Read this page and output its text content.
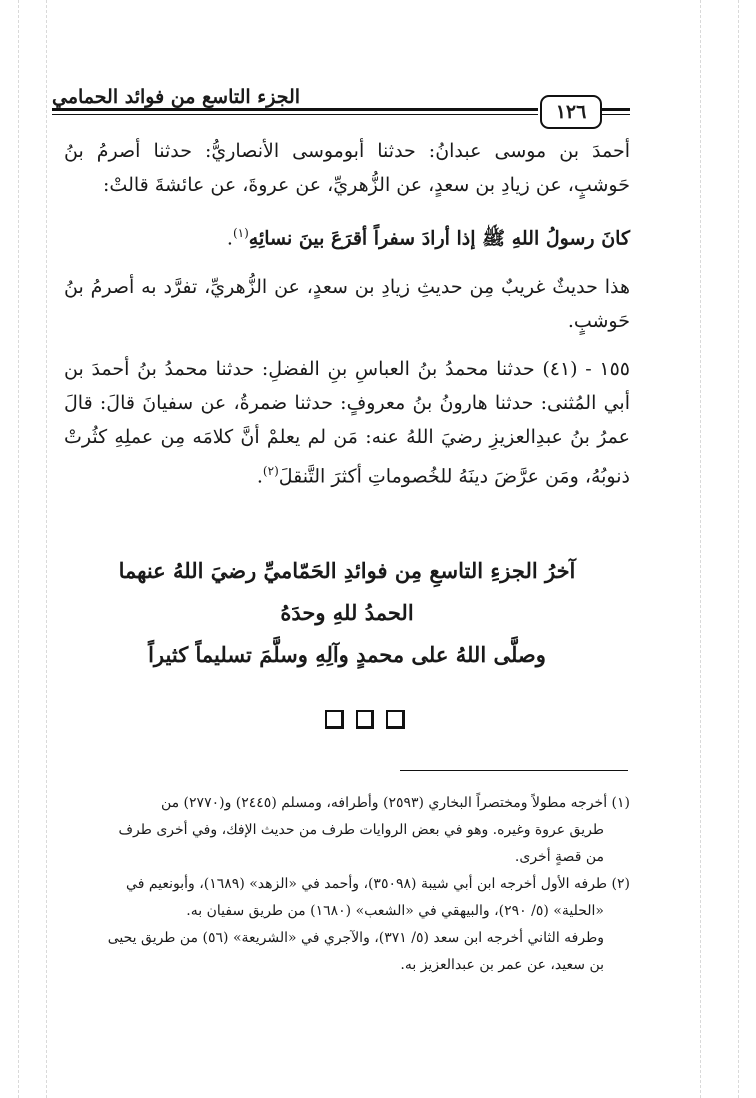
الجزء التاسع من فوائد الحمامي
١٢٦
أحمدَ بن موسى عبدانُ: حدثنا أبوموسى الأنصاريُّ: حدثنا أصرمُ بنُ حَوشبٍ، عن زيادِ بن سعدٍ، عن الزُّهريِّ، عن عروةَ، عن عائشةَ قالتْ:
كانَ رسولُ اللهِ ﷺ إذا أرادَ سفراً أقرَعَ بينَ نسائِهِ$^{(١)}$.
هذا حديثٌ غريبٌ مِن حديثِ زيادِ بن سعدٍ، عن الزُّهريِّ، تفرَّد به أصرمُ بنُ حَوشبٍ.
١٥٥ - (٤١) حدثنا محمدُ بنُ العباسِ بنِ الفضلِ: حدثنا محمدُ بنُ أحمدَ بن أبي المُثنى: حدثنا هارونُ بنُ معروفٍ: حدثنا ضمرةُ، عن سفيانَ قالَ: قالَ عمرُ بنُ عبدِالعزيزِ رضيَ اللهُ عنه: مَن لم يعلمْ أنَّ كلامَه مِن عملِهِ كثُرتْ ذنوبُهُ، ومَن عرَّضَ دينَهُ للخُصوماتِ أكثرَ التَّنقلَ$^{(٢)}$.
آخرُ الجزءِ التاسعِ مِن فوائدِ الحَمّاميِّ رضيَ اللهُ عنهما
الحمدُ للهِ وحدَهُ
وصلَّى اللهُ على محمدٍ وآلِهِ وسلَّمَ تسليماً كثيراً

(١) أخرجه مطولاً ومختصراً البخاري (٢٥٩٣) وأطرافه، ومسلم (٢٤٤٥) و(٢٧٧٠) من

طريق عروة وغيره. وهو في بعض الروايات طرف من حديث الإفك، وفي أخرى طرف

من قصةٍ أخرى.

(٢) طرفه الأول أخرجه ابن أبي شيبة (٣٥٠٩٨)، وأحمد في «الزهد» (١٦٨٩)، وأبونعيم في

«الحلية» (٥/ ٢٩٠)، والبيهقي في «الشعب» (١٦٨٠) من طريق سفيان به.

وطرفه الثاني أخرجه ابن سعد (٥/ ٣٧١)، والآجري في «الشريعة» (٥٦) من طريق يحيى

بن سعيد، عن عمر بن عبدالعزيز به.
